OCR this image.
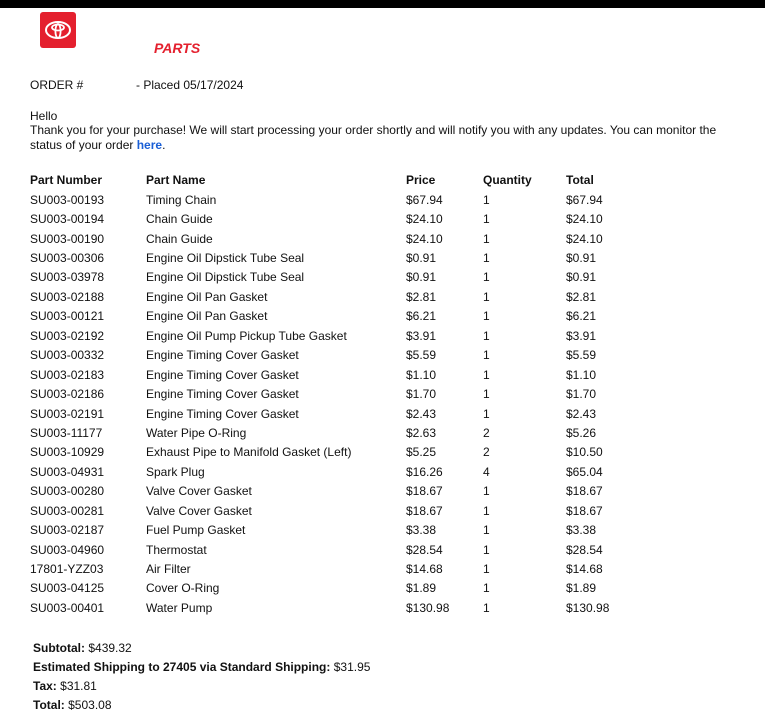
PARTS
ORDER #	- Placed 05/17/2024
Hello
Thank you for your purchase! We will start processing your order shortly and will notify you with any updates. You can monitor the status of your order here.
Part Number	Part Name	Price	Quantity	Total
SU003-00193	Timing Chain	$67.94	1	$67.94
SU003-00194	Chain Guide	$24.10	1	$24.10
SU003-00190	Chain Guide	$24.10	1	$24.10
SU003-00306	Engine Oil Dipstick Tube Seal	$0.91	1	$0.91
SU003-03978	Engine Oil Dipstick Tube Seal	$0.91	1	$0.91
SU003-02188	Engine Oil Pan Gasket	$2.81	1	$2.81
SU003-00121	Engine Oil Pan Gasket	$6.21	1	$6.21
SU003-02192	Engine Oil Pump Pickup Tube Gasket	$3.91	1	$3.91
SU003-00332	Engine Timing Cover Gasket	$5.59	1	$5.59
SU003-02183	Engine Timing Cover Gasket	$1.10	1	$1.10
SU003-02186	Engine Timing Cover Gasket	$1.70	1	$1.70
SU003-02191	Engine Timing Cover Gasket	$2.43	1	$2.43
SU003-11177	Water Pipe O-Ring	$2.63	2	$5.26
SU003-10929	Exhaust Pipe to Manifold Gasket (Left)	$5.25	2	$10.50
SU003-04931	Spark Plug	$16.26	4	$65.04
SU003-00280	Valve Cover Gasket	$18.67	1	$18.67
SU003-00281	Valve Cover Gasket	$18.67	1	$18.67
SU003-02187	Fuel Pump Gasket	$3.38	1	$3.38
SU003-04960	Thermostat	$28.54	1	$28.54
17801-YZZ03	Air Filter	$14.68	1	$14.68
SU003-04125	Cover O-Ring	$1.89	1	$1.89
SU003-00401	Water Pump	$130.98	1	$130.98
Subtotal: $439.32
Estimated Shipping to 27405 via Standard Shipping: $31.95
Tax: $31.81
Total: $503.08
